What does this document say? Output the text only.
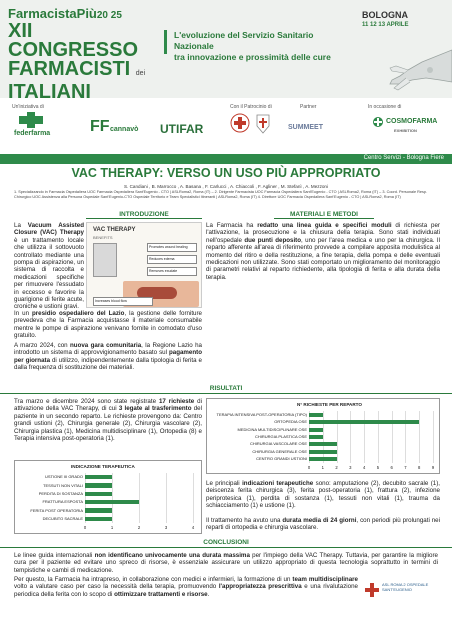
FarmacistaPiù20 25
XII CONGRESSO
FARMACISTI dei
ITALIANI
L'evoluzione del Servizio Sanitario Nazionale
tra innovazione e prossimità delle cure
BOLOGNA
11 12 13 APRILE
Un'iniziativa di
federfarma FF cannavò UTIFAR
Con il Patrocinio di	Partner
SUMMEET
In occasione di
COSMOFARMA
EXHIBITION
Centro Servizi - Bologna Fiere
VAC THERAPY: VERSO UN USO PIÙ APPROPRIATO
S. Candiani , B. Marrocco , A. Basana , F. Carlucci , A. Chiaccoli , F. Agliner , M. Stefanì , A. Mezzoni
1. Specializzando in Farmacia Ospedaliera UOC Farmacia Ospedaliera Sant'Eugenio - CTO | ASLRoma2, Roma (IT) – 2. Dirigente Farmacista UOC Farmacia Ospedaliera Sant'Eugenio - CTO | ASLRoma2, Roma (IT) – 3. Coord. Personale Resp. Chirurgico UOC Assistenza alla Persona Ospedale Sant'Eugenio-CTO Ospedale Territorio e Team Specialistici Itineranti | ASLRoma2, Roma (IT) 4. Direttore UOC Farmacia Ospedaliera Sant'Eugenio - CTO | ASLRoma2, Roma (IT)
INTRODUZIONE
La Vacuum Assisted Closure (VAC) Therapy è un trattamento locale che utilizza il sottovuoto controllato mediante una pompa di aspirazione, un sistema di raccolta e medicazioni specifiche per rimuovere l'essudato in eccesso e favorire la guarigione di ferite acute, croniche e ustioni gravi.
VAC THERAPY
BENEFITS
Promotes wound healing
Reduces edema
Removes exudate
Increases blood flow
In un presidio ospedaliero del Lazio, la gestione delle forniture prevedeva che la Farmacia acquistasse il materiale consumabile mentre le pompe di aspirazione venivano fornite in comodato d'uso gratuito.
A marzo 2024, con nuova gara comunitaria, la Regione Lazio ha introdotto un sistema di approvvigionamento basato sul pagamento per giornata di utilizzo, indipendentemente dalla tipologia di ferita e dalla frequenza di sostituzione dei materiali.
MATERIALI E METODI
La Farmacia ha redatto una linea guida e specifici moduli di richiesta per l'attivazione, la prosecuzione e la chiusura della terapia. Sono stati individuati nell'ospedale due punti deposito, uno per l'area medica e uno per la chirurgica. Il reparto afferente all'area di riferimento provvede a compilare apposita modulistica al momento del ritiro e della restituzione, a fine terapia, della pompa e delle eventuali medicazioni non utilizzate. Sono stati comportato un miglioramento del monitoraggio di parametri relativi al reparto richiedente, alla tipologia di ferita e alla durata della terapia.
RISULTATI
Tra marzo e dicembre 2024 sono state registrate 17 richieste di attivazione della VAC Therapy, di cui 3 legate al trasferimento del paziente in un secondo reparto. Le richieste provengono da: Centro grandi ustioni (2), Chirurgia generale (2), Chirurgia vascolare (2), Chirurgia plastica (1), Medicina multidisciplinare (1), Ortopedia (8) e Terapia intensiva post-operatoria (1).
N° RICHIESTE PER REPARTO
0	1	2	3	4	5	6	7	8	9
TERAPIA INTENSIVA POST-OPERATORIA (TIPO)
ORTOPEDIA OSE
MEDICINA MULTIDISCIPLINARE OSE
CHIRURGIA PLASTICA OSE
CHIRURGIA VASCOLARE OSE
CHIRURGIA GENERALE OSE
CENTRO GRANDI USTIONI
INDICAZIONE TERAPEUTICA
0	1	2	3	4
USTIONE III GRADO
TESSUTI NON VITALI
PERDITA DI SOSTANZA
FRATTURA ESPOSTA
FERITA POST OPERATORIA
DECUBITO SACRALE
Le principali indicazioni terapeutiche sono: amputazione (2), decubito sacrale (1), deiscenza ferita chirurgica (3), ferita post-operatoria (1), frattura (2), infezione periprotesica (1), perdita di sostanza (1), tessuti non vitali (1), trauma da schiacciamento (1) e ustione (1).
Il trattamento ha avuto una durata media di 24 giorni, con periodi più prolungati nei reparti di ortopedia e chirurgia vascolare.
CONCLUSIONI
Le linee guida internazionali non identificano univocamente una durata massima per l'impiego della VAC Therapy. Tuttavia, per garantire la migliore cura per il paziente ed evitare uno spreco di risorse, è essenziale assicurare un utilizzo appropriato di questa tecnologia soprattutto in termini di tempistiche e cambi di medicazione.
Per questo, la Farmacia ha intrapreso, in collaborazione con medici e infermieri, la formazione di un team multidisciplinare volto a valutare caso per caso la necessità della terapia, promuovendo l'appropriatezza prescrittiva e una rivalutazione periodica della ferita con lo scopo di ottimizzare trattamenti e risorse.
ASL ROMA 2 OSPEDALE SANT'EUGENIO
